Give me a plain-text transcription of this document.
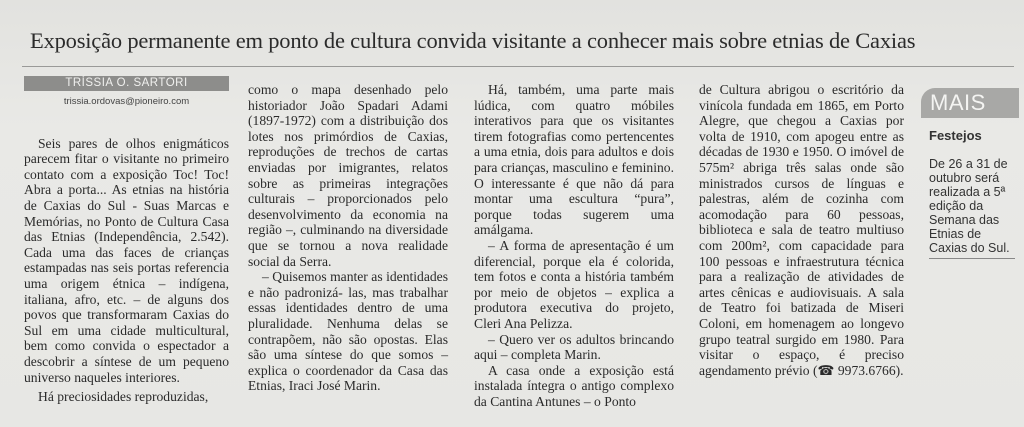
Exposição permanente em ponto de cultura convida visitante a conhecer mais sobre etnias de Caxias
TRÍSSIA O. SARTORI
trissia.ordovas@pioneiro.com

Seis pares de olhos enigmáticos parecem fitar o visitante no primeiro contato com a exposição Toc! Toc! Abra a porta... As etnias na história de Caxias do Sul - Suas Marcas e Memórias, no Ponto de Cultura Casa das Etnias (Independência, 2.542). Cada uma das faces de crianças estampadas nas seis portas referencia uma origem étnica – indígena, italiana, afro, etc. – de alguns dos povos que transformaram Caxias do Sul em uma cidade multicultural, bem como convida o espectador a descobrir a síntese de um pequeno universo naqueles interiores.

Há preciosidades reproduzidas,

como o mapa desenhado pelo historiador João Spadari Adami (1897-1972) com a distribuição dos lotes nos primórdios de Caxias, reproduções de trechos de cartas enviadas por imigrantes, relatos sobre as primeiras integrações culturais – proporcionados pelo desenvolvimento da economia na região –, culminando na diversidade que se tornou a nova realidade social da Serra.

– Quisemos manter as identidades e não padronizá- las, mas trabalhar essas identidades dentro de uma pluralidade. Nenhuma delas se contrapõem, não são opostas. Elas são uma síntese do que somos – explica o coordenador da Casa das Etnias, Iraci José Marin.

Há, também, uma parte mais lúdica, com quatro móbiles interativos para que os visitantes tirem fotografias como pertencentes a uma etnia, dois para adultos e dois para crianças, masculino e feminino. O interessante é que não dá para montar uma escultura “pura”, porque todas sugerem uma amálgama.

– A forma de apresentação é um diferencial, porque ela é colorida, tem fotos e conta a história também por meio de objetos – explica a produtora executiva do projeto, Cleri Ana Pelizza.

– Quero ver os adultos brincando aqui – completa Marin.

A casa onde a exposição está instalada íntegra o antigo complexo da Cantina Antunes – o Ponto

de Cultura abrigou o escritório da vinícola fundada em 1865, em Porto Alegre, que chegou a Caxias por volta de 1910, com apogeu entre as décadas de 1930 e 1950. O imóvel de 575m² abriga três salas onde são ministrados cursos de línguas e palestras, além de cozinha com acomodação para 60 pessoas, biblioteca e sala de teatro multiuso com 200m², com capacidade para 100 pessoas e infraestrutura técnica para a realização de atividades de artes cênicas e audiovisuais. A sala de Teatro foi batizada de Miseri Coloni, em homenagem ao longevo grupo teatral surgido em 1980. Para visitar o espaço, é preciso agendamento prévio (☎ 9973.6766).

MAIS
Festejos
De 26 a 31 de outubro será realizada a 5ª edição da Semana das Etnias de Caxias do Sul.
